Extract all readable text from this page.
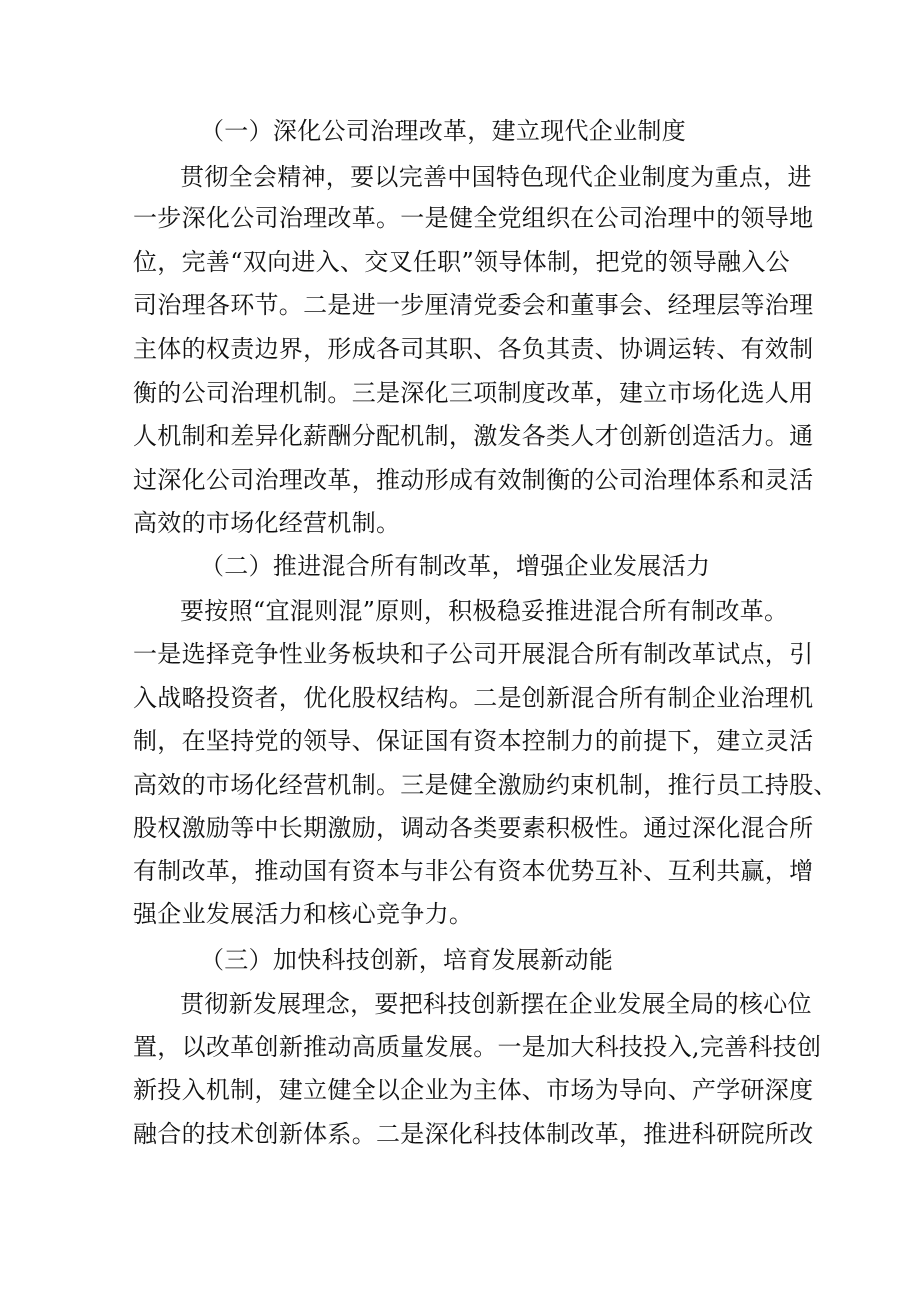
（一）深化公司治理改革，建立现代企业制度

贯彻全会精神，要以完善中国特色现代企业制度为重点，进

一步深化公司治理改革。一是健全党组织在公司治理中的领导地

位，完善“双向进入、交叉任职”领导体制，把党的领导融入公

司治理各环节。二是进一步厘清党委会和董事会、经理层等治理

主体的权责边界，形成各司其职、各负其责、协调运转、有效制

衡的公司治理机制。三是深化三项制度改革，建立市场化选人用

人机制和差异化薪酬分配机制，激发各类人才创新创造活力。通

过深化公司治理改革，推动形成有效制衡的公司治理体系和灵活

高效的市场化经营机制。

（二）推进混合所有制改革，增强企业发展活力

要按照“宜混则混”原则，积极稳妥推进混合所有制改革。

一是选择竞争性业务板块和子公司开展混合所有制改革试点，引

入战略投资者，优化股权结构。二是创新混合所有制企业治理机

制，在坚持党的领导、保证国有资本控制力的前提下，建立灵活

高效的市场化经营机制。三是健全激励约束机制，推行员工持股、

股权激励等中长期激励，调动各类要素积极性。通过深化混合所

有制改革，推动国有资本与非公有资本优势互补、互利共赢，增

强企业发展活力和核心竞争力。

（三）加快科技创新，培育发展新动能

贯彻新发展理念，要把科技创新摆在企业发展全局的核心位

置，以改革创新推动高质量发展。一是加大科技投入,完善科技创

新投入机制，建立健全以企业为主体、市场为导向、产学研深度

融合的技术创新体系。二是深化科技体制改革，推进科研院所改
